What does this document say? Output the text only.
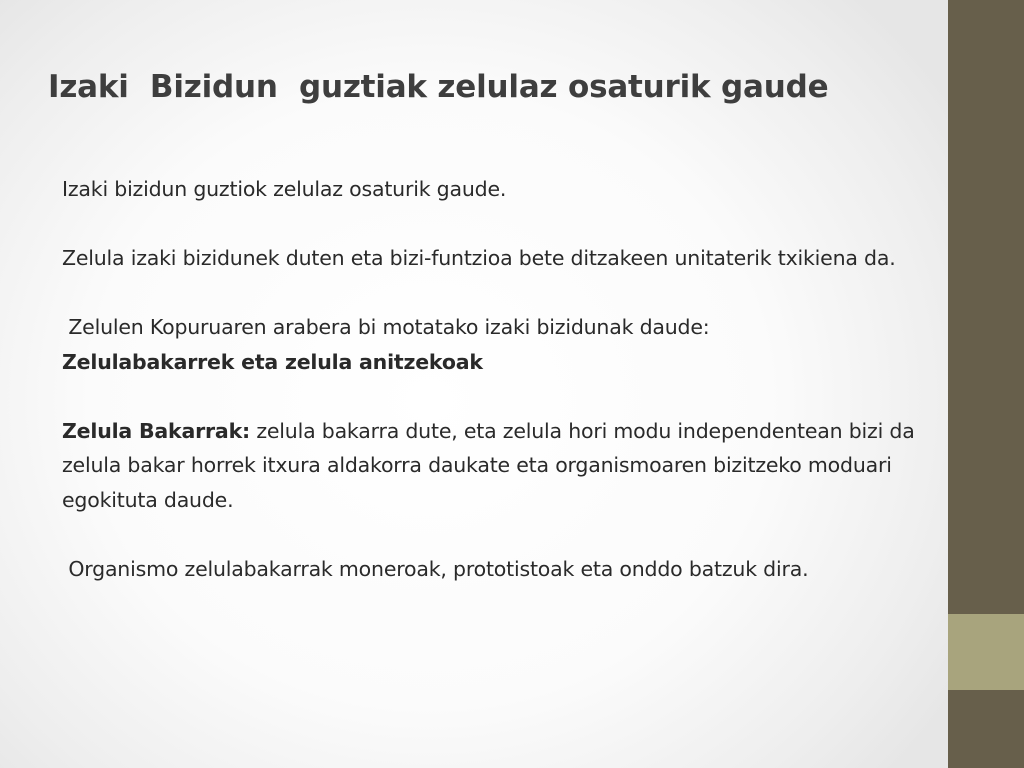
Izaki  Bizidun  guztiak zelulaz osaturik gaude

Izaki bizidun guztiok zelulaz osaturik gaude.

Zelula izaki bizidunek duten eta bizi-funtzioa bete ditzakeen unitaterik txikiena da.

Zelulen Kopuruaren arabera bi motatako izaki bizidunak daude:

Zelulabakarrek eta zelula anitzekoak

Zelula Bakarrak: zelula bakarra dute, eta zelula hori modu independentean bizi da zelula bakar horrek itxura aldakorra daukate eta organismoaren bizitzeko moduari egokituta daude.

Organismo zelulabakarrak moneroak, prototistoak eta onddo batzuk dira.
